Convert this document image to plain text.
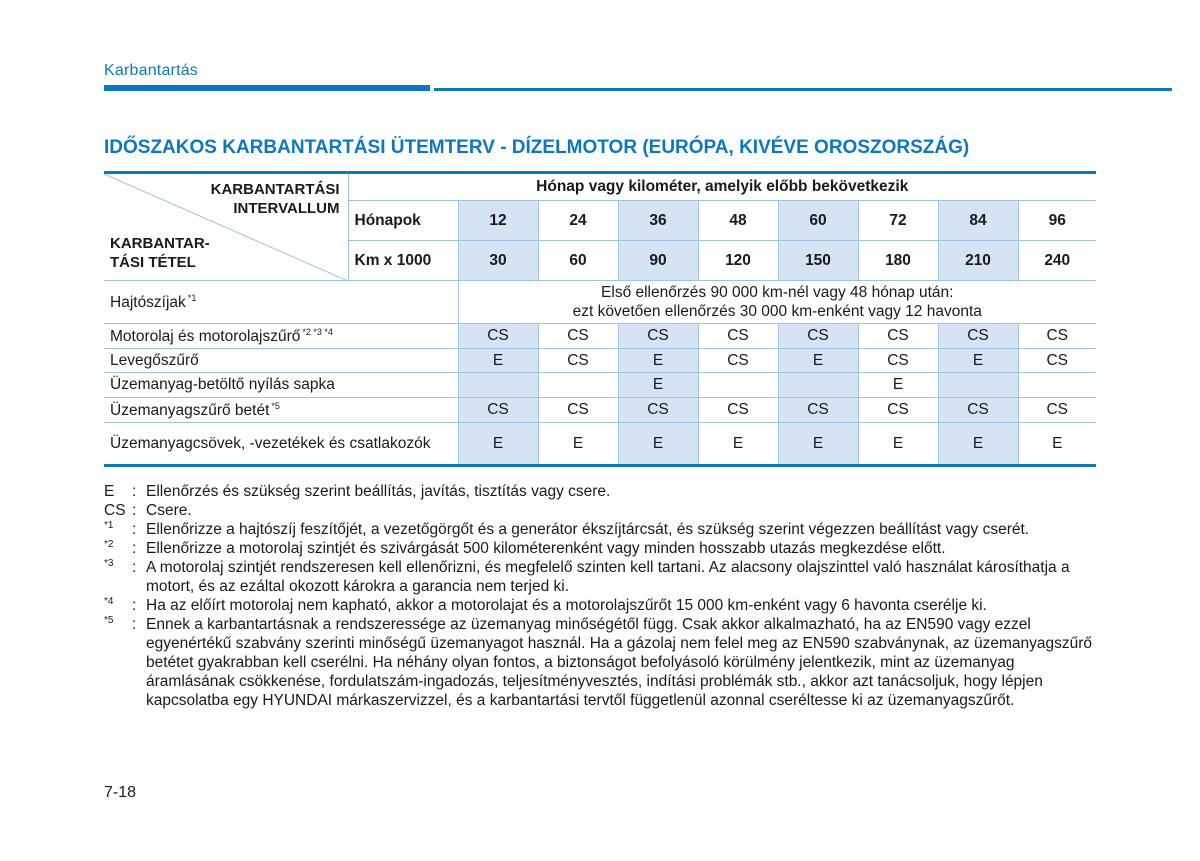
Karbantartás
IDŐSZAKOS KARBANTARTÁSI ÜTEMTERV - DÍZELMOTOR (EURÓPA, KIVÉVE OROSZORSZÁG)
KARBANTARTÁSI
INTERVALLUM
KARBANTAR-
TÁSI TÉTEL	Hónap vagy kilométer, amelyik előbb bekövetkezik								
	Hónapok	12	24	36	48	60	72	84	96
	Km x 1000	30	60	90	120	150	180	210	240
Hajtószíjak $^{*1}$		Első ellenőrzés 90 000 km-nél vagy 48 hónap után:
ezt követően ellenőrzés 30 000 km-enként vagy 12 havonta							
Motorolaj és motorolajszűrő $^{*2 *3 *4}$		CS	CS	CS	CS	CS	CS	CS	CS
Levegőszűrő		E	CS	E	CS	E	CS	E	CS
Üzemanyag-betöltő nyílás sapka				E			E		
Üzemanyagszűrő betét $^{*5}$		CS	CS	CS	CS	CS	CS	CS	CS
Üzemanyagcsövek, -vezetékek és csatlakozók		E	E	E	E	E	E	E	E
E	: Ellenőrzés és szükség szerint beállítás, javítás, tisztítás vagy csere.
CS : Csere.
*1	: Ellenőrizze a hajtószíj feszítőjét, a vezetőgörgőt és a generátor ékszíjtárcsát, és szükség szerint végezzen beállítást vagy cserét.
*2	: Ellenőrizze a motorolaj szintjét és szivárgását 500 kilométerenként vagy minden hosszabb utazás megkezdése előtt.
*3	: A motorolaj szintjét rendszeresen kell ellenőrizni, és megfelelő szinten kell tartani. Az alacsony olajszinttel való használat károsíthatja a motort, és az ezáltal okozott károkra a garancia nem terjed ki.
*4	: Ha az előírt motorolaj nem kapható, akkor a motorolajat és a motorolajszűrőt 15 000 km-enként vagy 6 havonta cserélje ki.
*5	: Ennek a karbantartásnak a rendszeressége az üzemanyag minőségétől függ. Csak akkor alkalmazható, ha az EN590 vagy ezzel egyenértékű szabvány szerinti minőségű üzemanyagot használ. Ha a gázolaj nem felel meg az EN590 szabványnak, az üzemanyagszűrő betétet gyakrabban kell cserélni. Ha néhány olyan fontos, a biztonságot befolyásoló körülmény jelentkezik, mint az üzemanyag áramlásának csökkenése, fordulatszám-ingadozás, teljesítményvesztés, indítási problémák stb., akkor azt tanácsoljuk, hogy lépjen kapcsolatba egy HYUNDAI márkaszervizzel, és a karbantartási tervtől függetlenül azonnal cseréltesse ki az üzemanyagszűrőt.
7-18
